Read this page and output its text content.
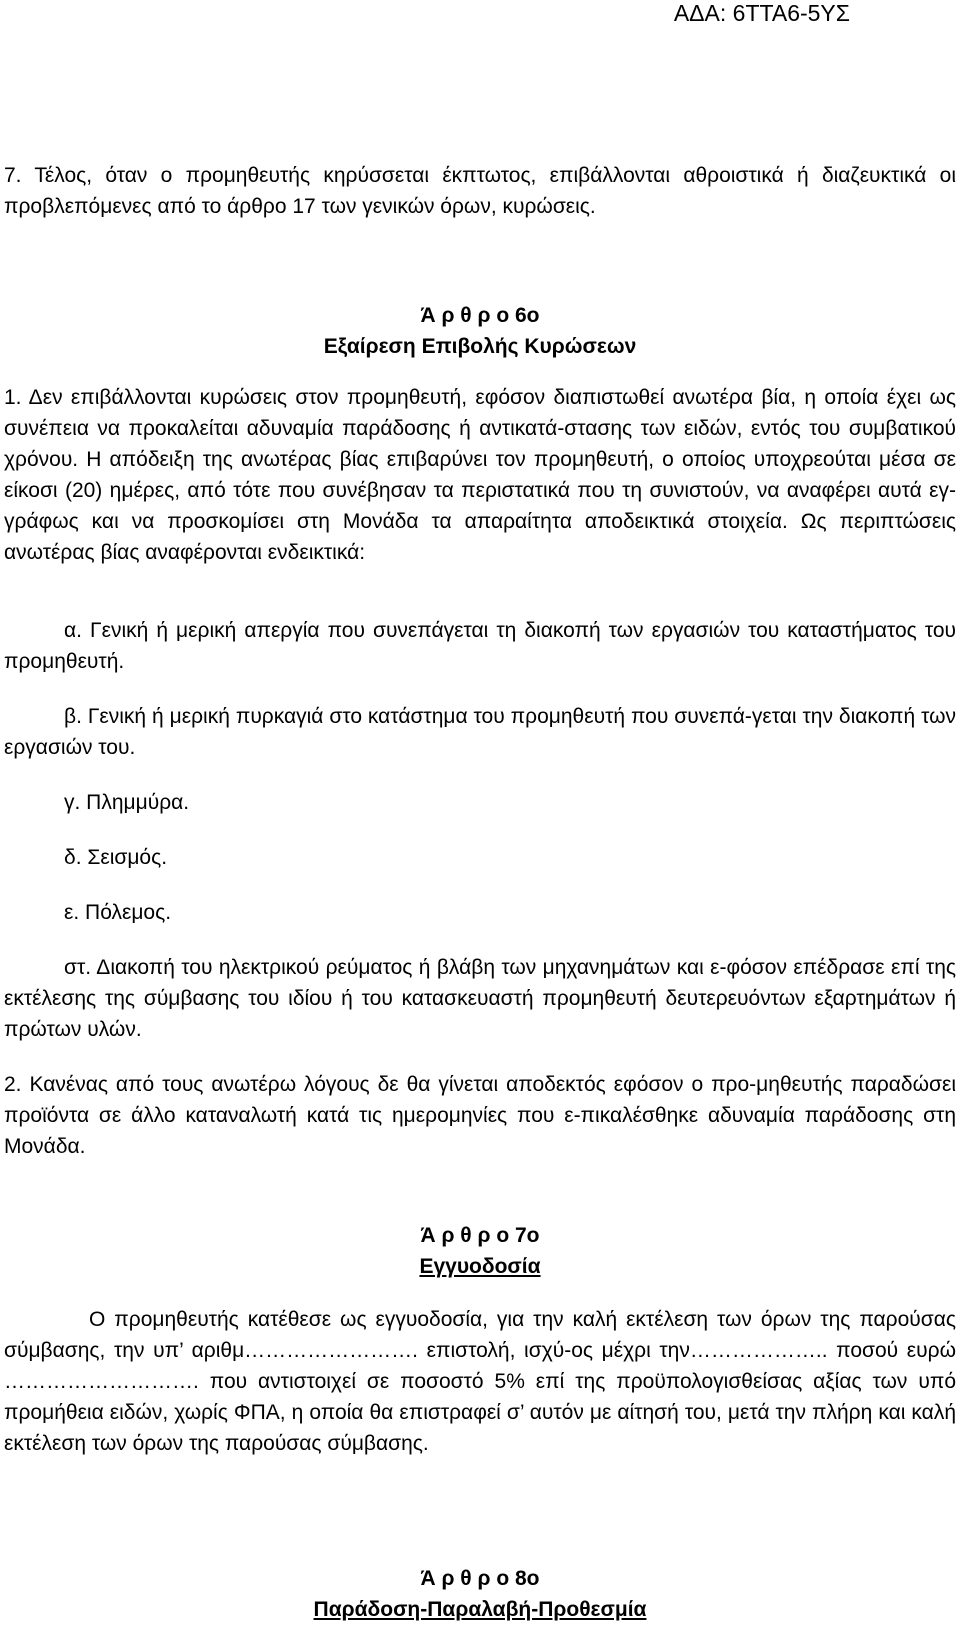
ΑΔΑ: 6ΤΤΑ6-5ΥΣ

7. Τέλος, όταν ο προμηθευτής κηρύσσεται έκπτωτος, επιβάλλονται αθροιστικά ή διαζευκτικά οι προβλεπόμενες από το άρθρο 17 των γενικών όρων, κυρώσεις.

Ά ρ θ ρ ο 6ο
Εξαίρεση Επιβολής Κυρώσεων

1. Δεν επιβάλλονται κυρώσεις στον προμηθευτή, εφόσον διαπιστωθεί ανωτέρα βία, η οποία έχει ως συνέπεια να προκαλείται αδυναμία παράδοσης ή αντικατά-στασης των ειδών, εντός του συμβατικού χρόνου. Η απόδειξη της ανωτέρας βίας επιβαρύνει τον προμηθευτή, ο οποίος υποχρεούται μέσα σε είκοσι (20) ημέρες, από τότε που συνέβησαν τα περιστατικά που τη συνιστούν, να αναφέρει αυτά εγ-γράφως και να προσκομίσει στη Μονάδα τα απαραίτητα αποδεικτικά στοιχεία. Ως περιπτώσεις ανωτέρας βίας αναφέρονται ενδεικτικά:

α. Γενική ή μερική απεργία που συνεπάγεται τη διακοπή των εργασιών του καταστήματος του προμηθευτή.

β. Γενική ή μερική πυρκαγιά στο κατάστημα του προμηθευτή που συνεπά-γεται την διακοπή των εργασιών του.

γ. Πλημμύρα.

δ. Σεισμός.

ε. Πόλεμος.

στ. Διακοπή του ηλεκτρικού ρεύματος ή βλάβη των μηχανημάτων και ε-φόσον επέδρασε επί της εκτέλεσης της σύμβασης του ιδίου ή του κατασκευαστή προμηθευτή δευτερευόντων εξαρτημάτων ή πρώτων υλών.

2. Κανένας από τους ανωτέρω λόγους δε θα γίνεται αποδεκτός εφόσον ο προ-μηθευτής παραδώσει προϊόντα σε άλλο καταναλωτή κατά τις ημερομηνίες που ε-πικαλέσθηκε αδυναμία παράδοσης στη Μονάδα.

Ά ρ θ ρ ο 7ο
Εγγυοδοσία

Ο προμηθευτής κατέθεσε ως εγγυοδοσία, για την καλή εκτέλεση των όρων της παρούσας σύμβασης, την υπ’ αριθμ……………………. επιστολή, ισχύ-ος μέχρι την……………….. ποσού ευρώ ………………………. που αντιστοιχεί σε ποσοστό 5% επί της προϋπολογισθείσας αξίας των υπό προμήθεια ειδών, χωρίς ΦΠΑ, η οποία θα επιστραφεί σ’ αυτόν με αίτησή του, μετά την πλήρη και καλή εκτέλεση των όρων της παρούσας σύμβασης.

Ά ρ θ ρ ο 8ο
Παράδοση-Παραλαβή-Προθεσμία
